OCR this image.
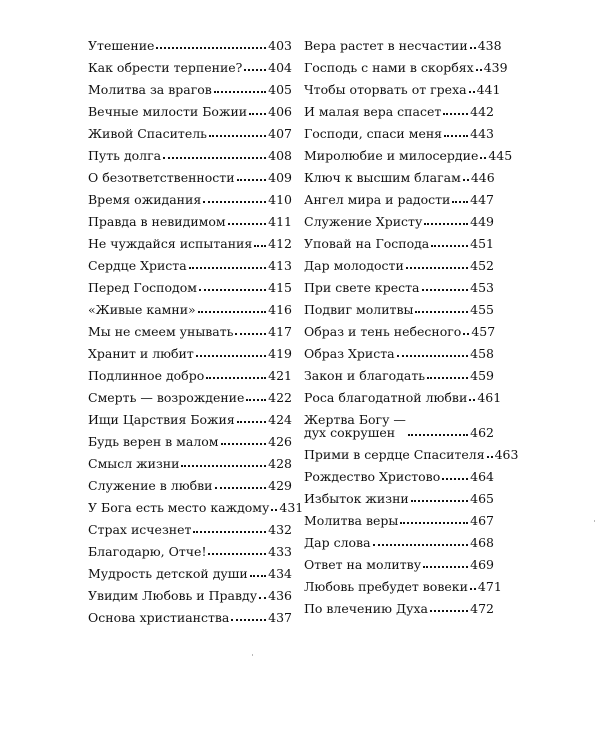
Утешение	403
Как обрести терпение? 404
Молитва за врагов	405
Вечные милости Божии 406
Живой Спаситель	407
Путь долга	408
О безответственности	409
Время ожидания	410
Правда в невидимом	411
Не чуждайся испытания 412
Сердце Христа	413
Перед Господом	415
«Живые камни»	416
Мы не смеем унывать	417
Хранит и любит	419
Подлинное добро	421
Смерть — возрождение 422
Ищи Царствия Божия	424
Будь верен в малом	426
Смысл жизни	428
Служение в любви	429
У Бога есть место каждому 431
Страх исчезнет	432
Благодарю, Отче!	433
Мудрость детской души 434
Увидим Любовь и Правду 436
Основа христианства	437
Вера растет в несчастии 438
Господь с нами в скорбях 439
Чтобы оторвать от греха 441
И малая вера спасет 442
Господи, спаси меня 443
Миролюбие и милосердие 445
Ключ к высшим благам 446
Ангел мира и радости 447
Служение Христу	449
Уповай на Господа	451
Дар молодости	452
При свете креста	453
Подвиг молитвы	455
Образ и тень небесного 457
Образ Христа	458
Закон и благодать	459
Роса благодатной любви 461
Жертва Богу —
дух сокрушен	462
Прими в сердце Спасителя 463
Рождество Христово 464
Избыток жизни	465
Молитва веры	467
Дар слова	468
Ответ на молитву	469
Любовь пребудет вовеки 471
По влечению Духа	472
